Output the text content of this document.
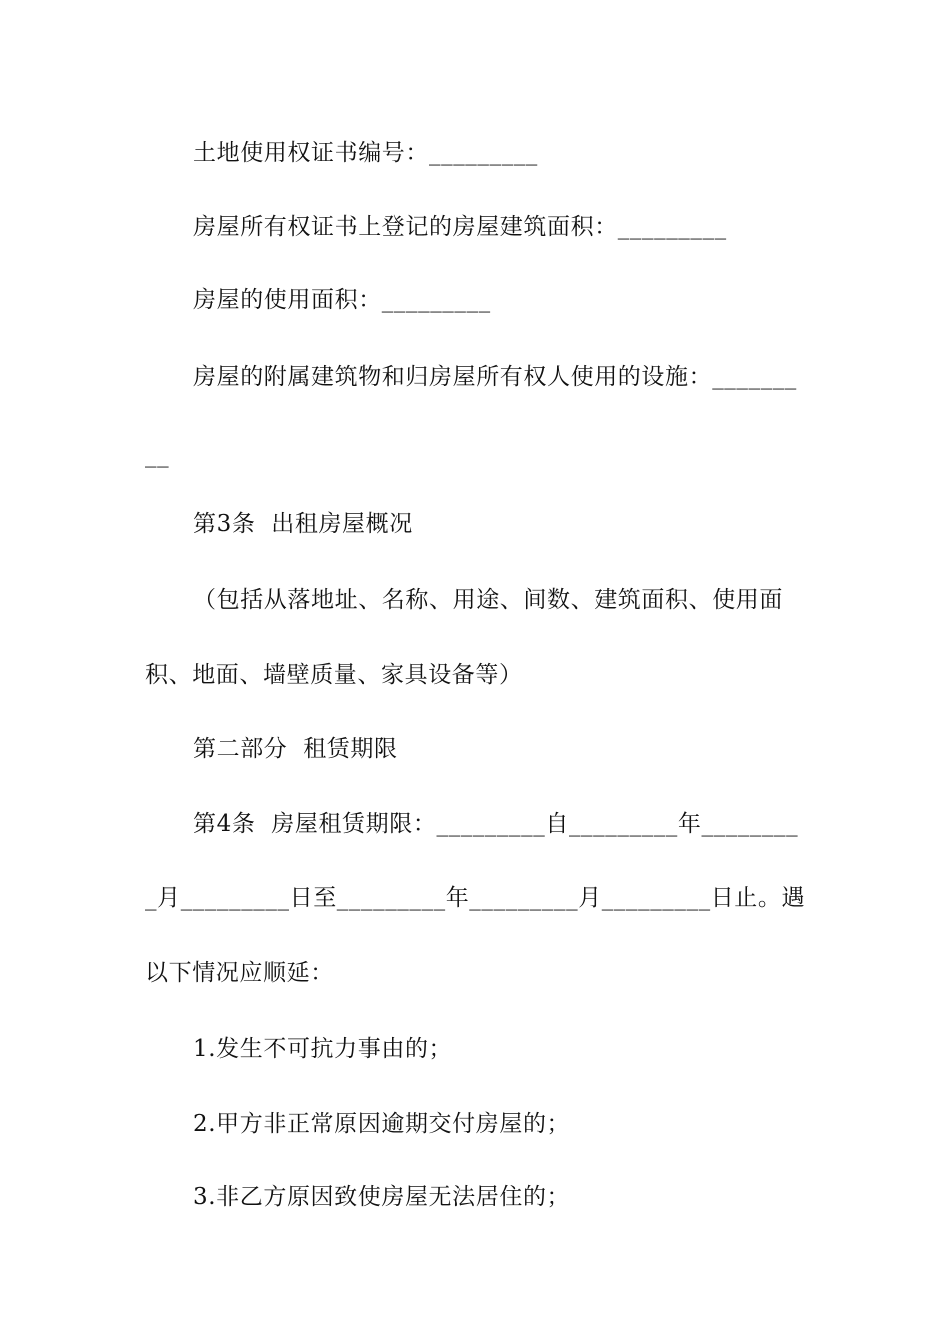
土地使用权证书编号：_________
房屋所有权证书上登记的房屋建筑面积：_________
房屋的使用面积：_________
房屋的附属建筑物和归房屋所有权人使用的设施：_______
__
第3条  出租房屋概况
（包括从落地址、名称、用途、间数、建筑面积、使用面
积、地面、墙壁质量、家具设备等）
第二部分  租赁期限
第4条  房屋租赁期限：_________自_________年________
_月_________日至_________年_________月_________日止。遇
以下情况应顺延：
1.发生不可抗力事由的；
2.甲方非正常原因逾期交付房屋的；
3.非乙方原因致使房屋无法居住的；
